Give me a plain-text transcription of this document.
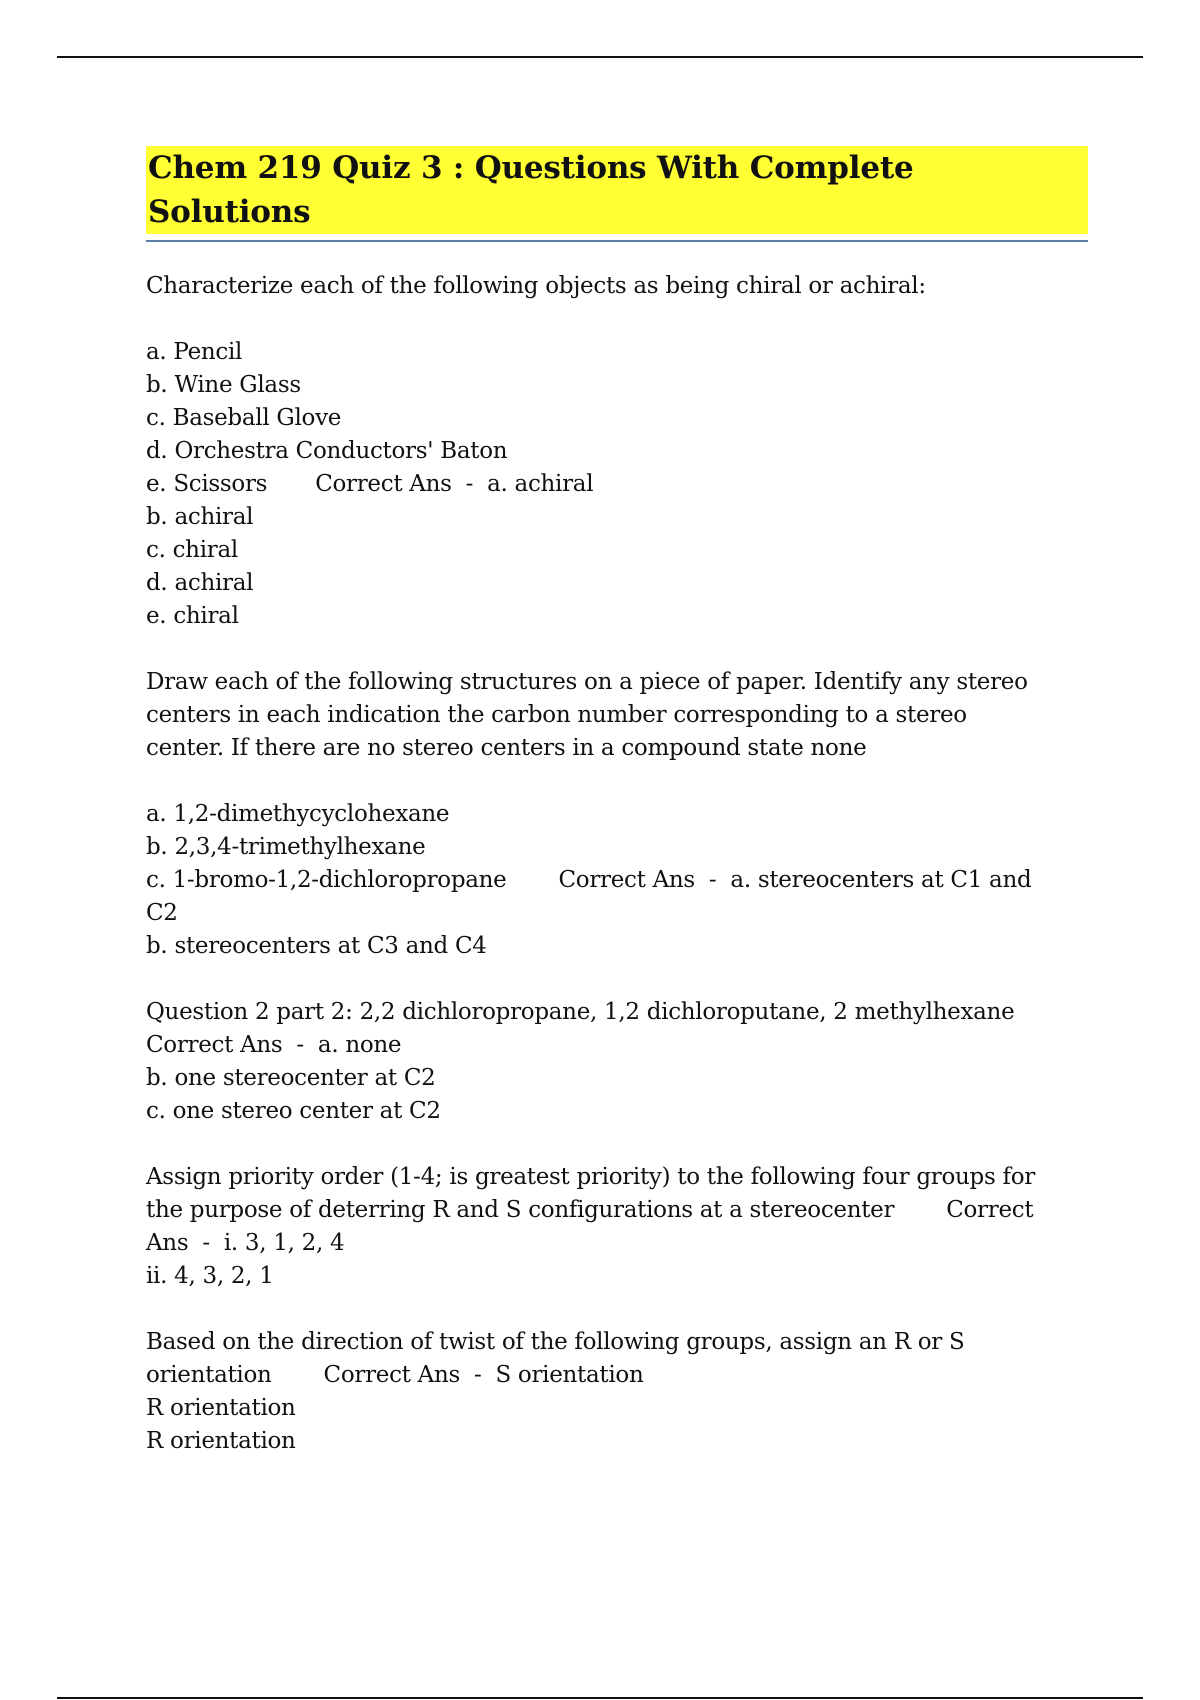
Chem 219 Quiz 3 : Questions With Complete Solutions
Characterize each of the following objects as being chiral or achiral:
a. Pencil
b. Wine Glass
c. Baseball Glove
d. Orchestra Conductors' Baton
e. Scissors Correct Ans  -  a. achiral
b. achiral
c. chiral
d. achiral
e. chiral
Draw each of the following structures on a piece of paper. Identify any stereo
centers in each indication the carbon number corresponding to a stereo
center. If there are no stereo centers in a compound state none
a. 1,2-dimethycyclohexane
b. 2,3,4-trimethylhexane
c. 1-bromo-1,2-dichloropropane Correct Ans  -  a. stereocenters at C1 and
C2
b. stereocenters at C3 and C4
Question 2 part 2: 2,2 dichloropropane, 1,2 dichloroputane, 2 methylhexane
Correct Ans  -  a. none
b. one stereocenter at C2
c. one stereo center at C2
Assign priority order (1-4; is greatest priority) to the following four groups for
the purpose of deterring R and S configurations at a stereocenter Correct
Ans  -  i. 3, 1, 2, 4
ii. 4, 3, 2, 1
Based on the direction of twist of the following groups, assign an R or S
orientation Correct Ans  -  S orientation
R orientation
R orientation
